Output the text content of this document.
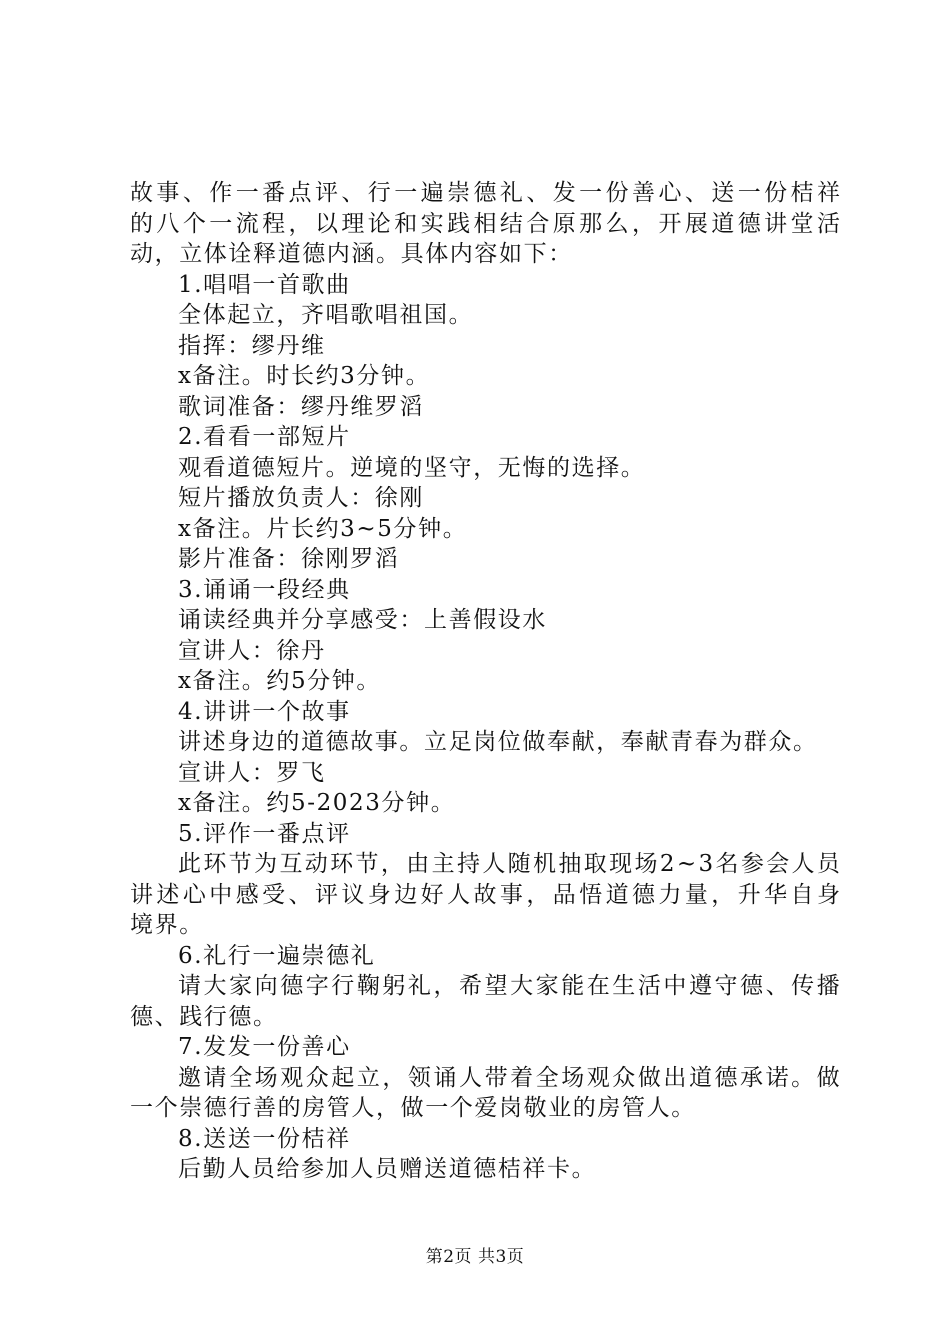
故 事 、 作 一 番 点 评 、 行 一 遍 崇 德 礼 、 发 一 份 善 心 、 送 一 份 桔 祥
的 八 个 一 流 程 ， 以 理 论 和 实 践 相 结 合 原 那 么 ， 开 展 道 德 讲 堂 活
动，立体诠释道德内涵。具体内容如下：
1.唱唱一首歌曲
全体起立，齐唱歌唱祖国。
指挥：缪丹维
x备注。时长约3分钟。
歌词准备：缪丹维罗滔
2.看看一部短片
观看道德短片。逆境的坚守，无悔的选择。
短片播放负责人：徐刚
x备注。片长约3~5分钟。
影片准备：徐刚罗滔
3.诵诵一段经典
诵读经典并分享感受：上善假设水
宣讲人：徐丹
x备注。约5分钟。
4.讲讲一个故事
讲述身边的道德故事。立足岗位做奉献，奉献青春为群众。
宣讲人：罗飞
x备注。约5-2023分钟。
5.评作一番点评
此 环 节 为 互 动 环 节 ， 由 主 持 人 随 机 抽 取 现 场 2 ~ 3 名 参 会 人 员
讲 述 心 中 感 受 、 评 议 身 边 好 人 故 事 ， 品 悟 道 德 力 量 ， 升 华 自 身
境界。
6.礼行一遍崇德礼
请 大 家 向 德 字 行 鞠 躬 礼 ， 希 望 大 家 能 在 生 活 中 遵 守 德 、 传 播
德、践行德。
7.发发一份善心
邀 请 全 场 观 众 起 立 ， 领 诵 人 带 着 全 场 观 众 做 出 道 德 承 诺 。 做
一个崇德行善的房管人，做一个爱岗敬业的房管人。
8.送送一份桔祥
后勤人员给参加人员赠送道德桔祥卡。
第2页 共3页
